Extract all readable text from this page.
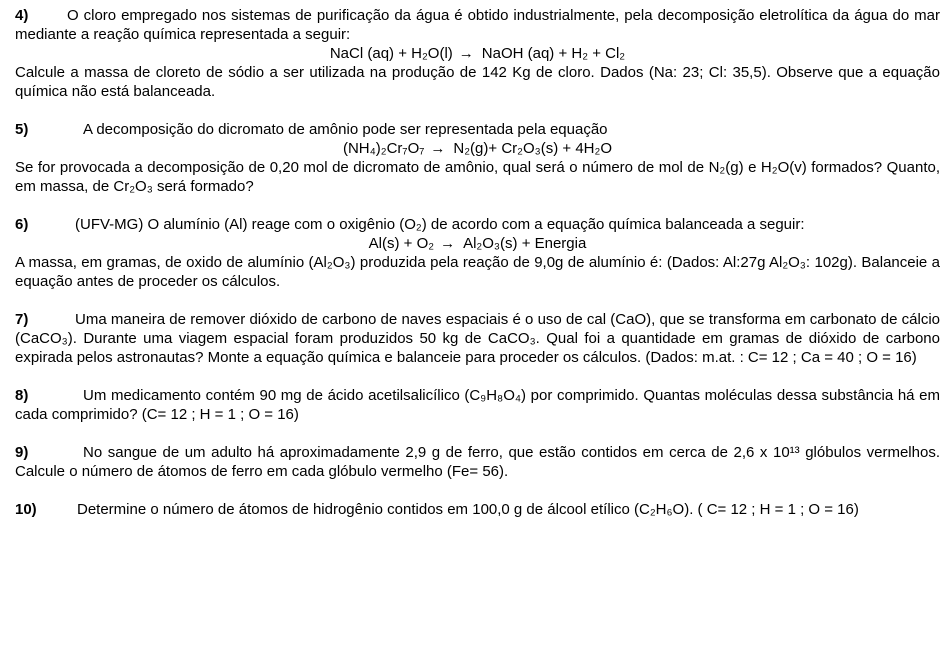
4)	O cloro empregado nos sistemas de purificação da água é obtido industrialmente, pela decomposição eletrolítica da água do mar mediante a reação química representada a seguir:

NaCl (aq) + H₂O(l) → NaOH (aq) + H₂ + Cl₂

Calcule a massa de cloreto de sódio a ser utilizada na produção de 142 Kg de cloro. Dados (Na: 23; Cl: 35,5). Observe que a equação química não está balanceada.

5)	A decomposição do dicromato de amônio pode ser representada pela equação

(NH₄)₂Cr₇O₇ → N₂(g)+ Cr₂O₃(s) + 4H₂O

Se for provocada a decomposição de 0,20 mol de dicromato de amônio, qual será o número de mol de N₂(g) e H₂O(v) formados? Quanto, em massa, de Cr₂O₃ será formado?

6)	(UFV-MG) O alumínio (Al) reage com o oxigênio (O₂) de acordo com a equação química balanceada a seguir:

Al(s) + O₂ → Al₂O₃(s) + Energia

A massa, em gramas, de oxido de alumínio (Al₂O₃) produzida pela reação de 9,0g de alumínio é: (Dados: Al:27g Al₂O₃: 102g). Balanceie a equação antes de proceder os cálculos.

7)	Uma maneira de remover dióxido de carbono de naves espaciais é o uso de cal (CaO), que se transforma em carbonato de cálcio (CaCO₃). Durante uma viagem espacial foram produzidos 50 kg de CaCO₃. Qual foi a quantidade em gramas de dióxido de carbono expirada pelos astronautas? Monte a equação química e balanceie para proceder os cálculos. (Dados: m.at. : C= 12 ; Ca = 40 ; O = 16)

8)	Um medicamento contém 90 mg de ácido acetilsalicílico (C₉H₈O₄) por comprimido. Quantas moléculas dessa substância há em cada comprimido? (C= 12 ; H = 1 ; O = 16)

9)	No sangue de um adulto há aproximadamente 2,9 g de ferro, que estão contidos em cerca de 2,6 x 10¹³ glóbulos vermelhos. Calcule o número de átomos de ferro em cada glóbulo vermelho (Fe= 56).

10)	Determine o número de átomos de hidrogênio contidos em 100,0 g de álcool etílico (C₂H₆O). ( C= 12 ; H = 1 ; O = 16)
